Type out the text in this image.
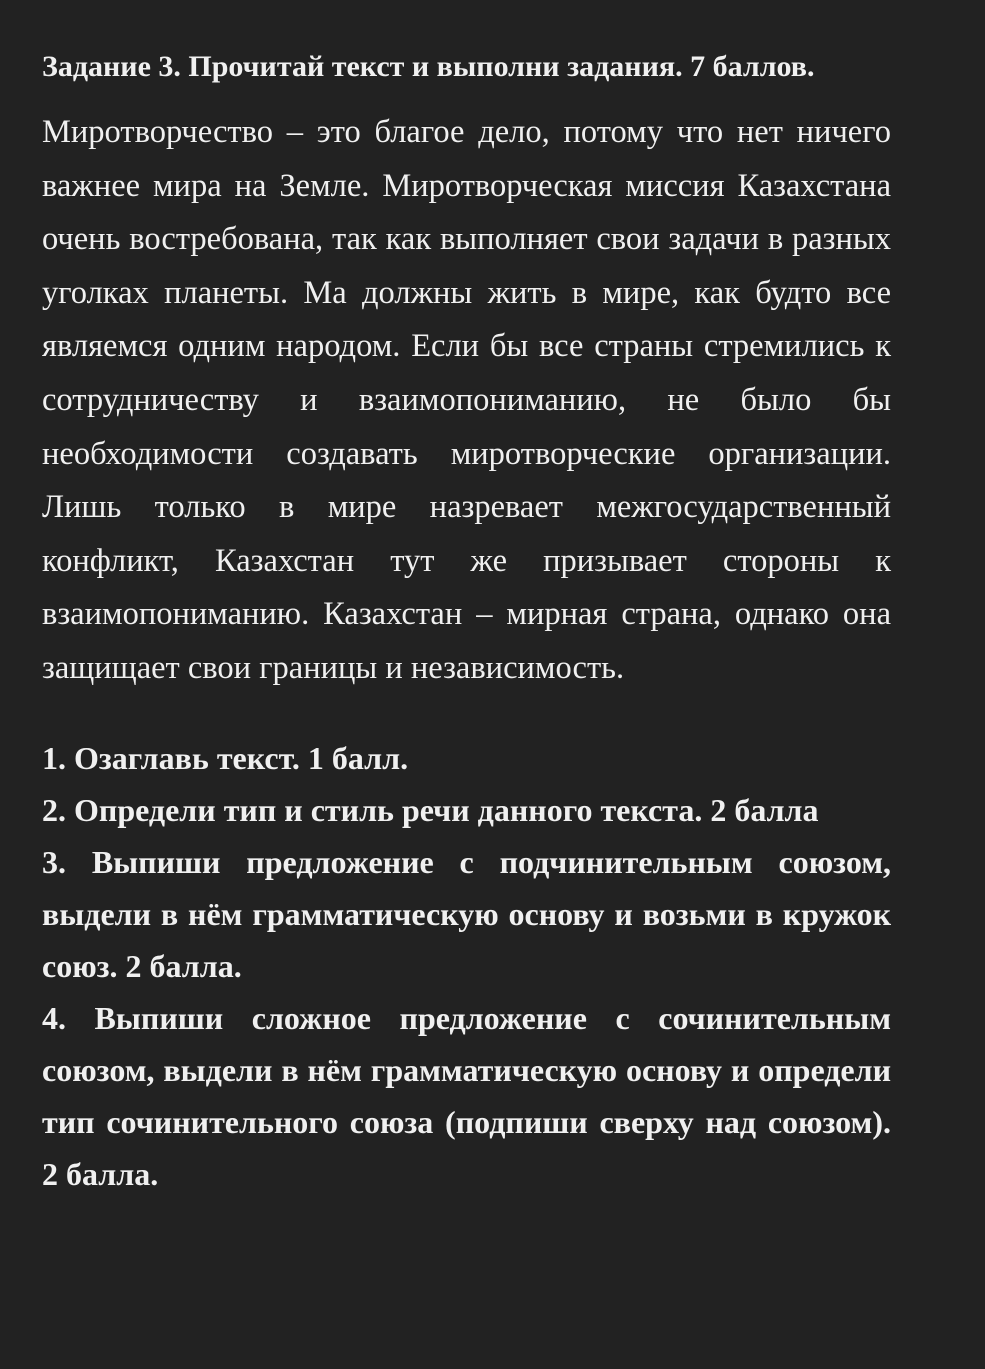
Задание 3. Прочитай текст и выполни задания. 7 баллов.

Миротворчество – это благое дело, потому что нет ничего важнее мира на Земле. Миротворческая миссия Казахстана очень востребована, так как выполняет свои задачи в разных уголках планеты. Ма должны жить в мире, как будто все являемся одним народом. Если бы все страны стремились к сотрудничеству и взаимопониманию, не было бы необходимости создавать миротворческие организации. Лишь только в мире назревает межгосударственный конфликт, Казахстан тут же призывает стороны к взаимопониманию. Казахстан – мирная страна, однако она защищает свои границы и независимость.

1. Озаглавь текст. 1 балл.
2. Определи тип и стиль речи данного текста. 2 балла
3. Выпиши предложение с подчинительным союзом, выдели в нём грамматическую основу и возьми в кружок союз. 2 балла.
4. Выпиши сложное предложение с сочинительным союзом, выдели в нём грамматическую основу и определи тип сочинительного союза (подпиши сверху над союзом). 2 балла.
